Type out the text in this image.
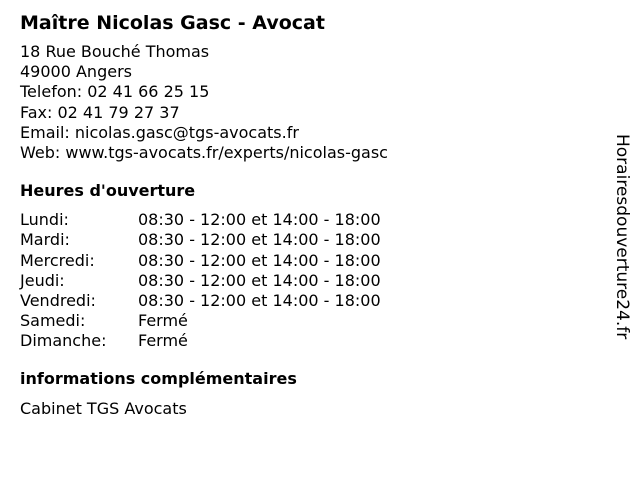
Maître Nicolas Gasc - Avocat
18 Rue Bouché Thomas
49000 Angers
Telefon: 02 41 66 25 15
Fax: 02 41 79 27 37
Email: nicolas.gasc@tgs-avocats.fr
Web: www.tgs-avocats.fr/experts/nicolas-gasc
Heures d'ouverture
Lundi:	08:30 - 12:00 et 14:00 - 18:00
Mardi:	08:30 - 12:00 et 14:00 - 18:00
Mercredi:	08:30 - 12:00 et 14:00 - 18:00
Jeudi:	08:30 - 12:00 et 14:00 - 18:00
Vendredi:	08:30 - 12:00 et 14:00 - 18:00
Samedi:	Fermé
Dimanche:	Fermé
informations complémentaires
Cabinet TGS Avocats
Horairesdouverture24.fr
